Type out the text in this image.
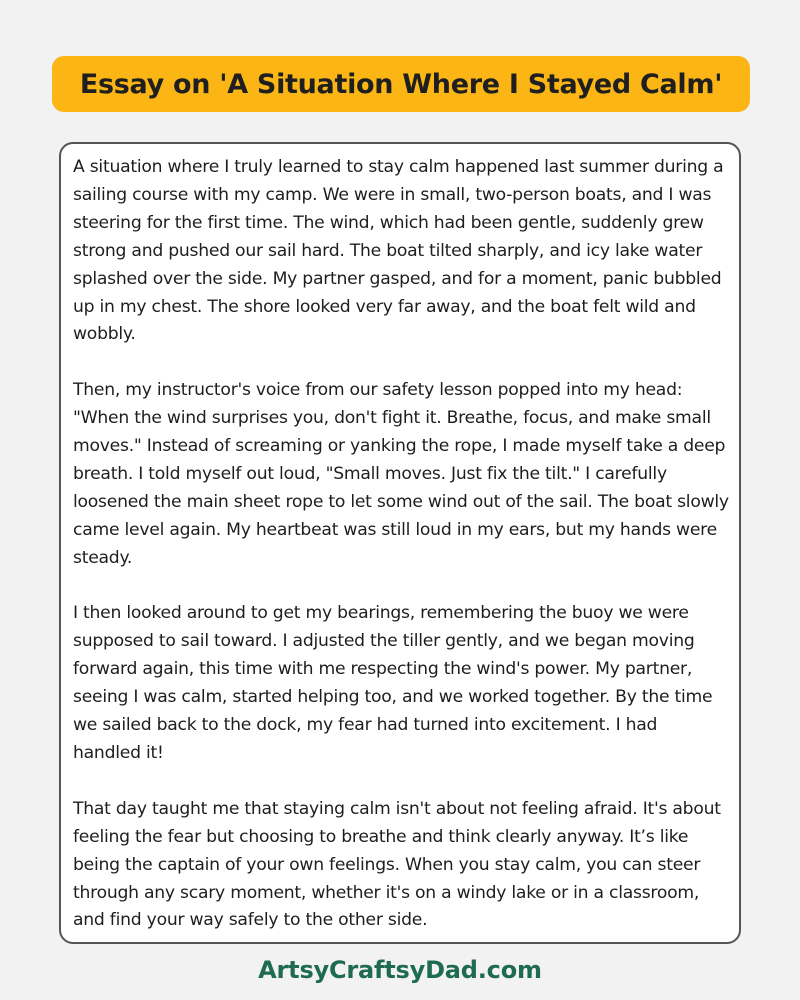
Essay on 'A Situation Where I Stayed Calm'

A situation where I truly learned to stay calm happened last summer during a sailing course with my camp. We were in small, two-person boats, and I was steering for the first time. The wind, which had been gentle, suddenly grew strong and pushed our sail hard. The boat tilted sharply, and icy lake water splashed over the side. My partner gasped, and for a moment, panic bubbled up in my chest. The shore looked very far away, and the boat felt wild and wobbly.

Then, my instructor's voice from our safety lesson popped into my head: "When the wind surprises you, don't fight it. Breathe, focus, and make small moves." Instead of screaming or yanking the rope, I made myself take a deep breath. I told myself out loud, "Small moves. Just fix the tilt." I carefully loosened the main sheet rope to let some wind out of the sail. The boat slowly came level again. My heartbeat was still loud in my ears, but my hands were steady.

I then looked around to get my bearings, remembering the buoy we were supposed to sail toward. I adjusted the tiller gently, and we began moving forward again, this time with me respecting the wind's power. My partner, seeing I was calm, started helping too, and we worked together. By the time we sailed back to the dock, my fear had turned into excitement. I had handled it!

That day taught me that staying calm isn't about not feeling afraid. It's about feeling the fear but choosing to breathe and think clearly anyway. It’s like being the captain of your own feelings. When you stay calm, you can steer through any scary moment, whether it's on a windy lake or in a classroom, and find your way safely to the other side.

ArtsyCraftsyDad.com
